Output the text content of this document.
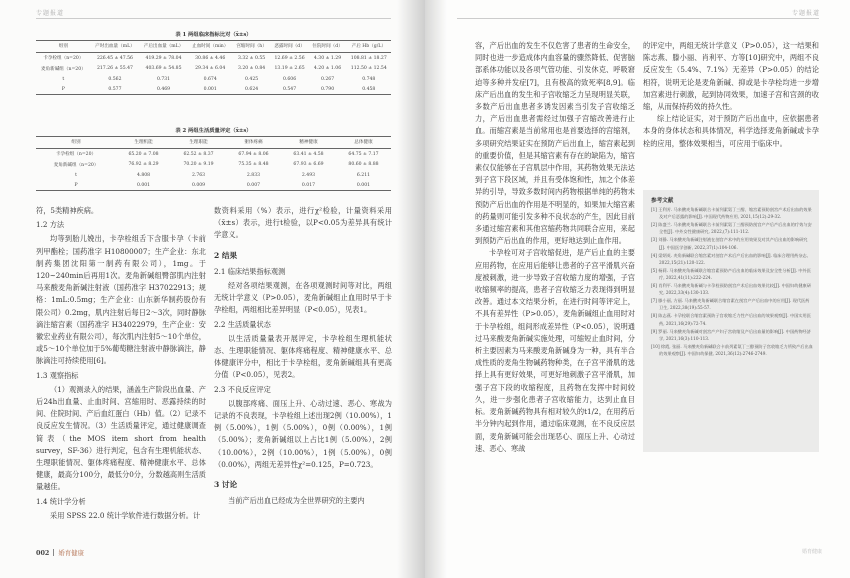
专题报道
表 1 两组临床指标比对（x̄±s）
组别	产时出血量（mL）	产后出血量（mL）	止血时间（min）	宫缩时间（h）	恶露时间（d）	住院时间（d）	产后 Hb（g/L）
卡孕栓组（n=20）	226.45 ± 47.56	419.29 ± 78.04	30.86 ± 4.46	3.32 ± 0.55	12.69 ± 2.56	4.30 ± 1.29	108.81 ± 18.27
麦角新碱组（n=20）	217.26 ± 55.47	403.69 ± 54.85	29.34 ± 6.04	3.20 ± 0.84	13.19 ± 2.65	4.20 ± 1.06	112.50 ± 12.54
t	0.562	0.731	0.674	0.425	0.606	0.267	0.748
P	0.577	0.469	0.001	0.624	0.547	0.790	0.458
表 2 两组生活质量评定（x̄±s）
组别	生理机能	生理职能	躯体疼痛	精神健康	总体健康
卡孕栓组（n=20）	65.20 ± 7.08	62.52 ± 8.37	67.94 ± 8.06	63.41 ± 4.58	64.75 ± 7.17
麦角新碱组（n=20）	76.92 ± 8.29	70.20 ± 9.19	75.35 ± 8.48	67.93 ± 6.69	80.60 ± 8.88
t	4.808	2.763	2.833	2.493	6.211
P	0.001	0.009	0.007	0.017	0.001

符，5类精神疾病。

1.2 方法

均等到胎儿娩出，卡孕栓组舌下含服卡孕（卡前列甲酯栓；国药准字 H10800007；生产企业：东北制药集团沈阳第一制药有限公司），1mg。于120~240min后再用1次。麦角新碱组臀部肌内注射马来酸麦角新碱注射液（国药准字 H37022913；规格：1mL:0.5mg；生产企业：山东新华制药股份有限公司）0.2mg，肌内注射后每日2～3次，同时静脉滴注缩宫素（国药准字 H34022979，生产企业：安徽宏业药业有限公司），每次肌内注射5～10个单位，或5～10个单位加于5%葡萄糖注射液中静脉滴注，静脉滴注可持续使用[6]。

1.3 观察指标

（1）观测录入的结果，涵盖生产阶段出血量、产后24h出血量、止血时间、宫缩用时、恶露持续的时间、住院时间、产后血红蛋白（Hb）值。（2）记录不良反应发生情况。（3）生活质量评定，通过健康调查简表（the MOS item short from health survey，SF-36）进行判定，包含有生理机能状态、生理职能情况、躯体疼痛程度、精神健康水平、总体健康，最高分100分，最低分0分，分数越高则生活质量越佳。

1.4 统计学分析

采用 SPSS 22.0 统计学软件进行数据分析。计

数资料采用（%）表示，进行χ²检验，计量资料采用（x̄±s）表示，进行t检验，以P<0.05为差异具有统计学意义。

2 结果

2.1 临床结果指标观测

经对各项结果观测，在各项观测时间等对比，两组无统计学意义（P>0.05），麦角新碱组止血用时早于卡孕栓组，两组相比差异明显（P<0.05），见表1。

2.2 生活质量状态

以生活质量量表开展评定，卡孕栓组生理机能状态、生理职能情况、躯体疼痛程度、精神健康水平、总体健康评分中，相比于卡孕栓组，麦角新碱组具有更高分值（P<0.05），见表2。

2.3 不良反应评定

以腹部疼痛、面压上升、心动过速、恶心、寒战为记录的不良表现，卡孕栓组上述出现2例（10.00%），1例（5.00%），1例（5.00%），0例（0.00%），1例（5.00%）；麦角新碱组以上占比1例（5.00%），2例（10.00%），2例（10.00%），1例（5.00%），0例（0.00%），两组无差异性χ²=0.125，P=0.723。

3 讨论

当前产后出血已经成为全世界研究的主要内

002 婚育健康
专题报道

容，产后出血的发生不仅危害了患者的生命安全，同时也进一步造成体内血容量的骤然降低、促害脑部系体功能以及各项气管功能、引发休克、呼吸窘迫等多种并发症[7]，且有极高的致死率[8,9]。临床产后出血的发生和子宫收缩乏力呈现明显关联，多数产后出血患者多诱发因素当引发子宫收缩乏力，产后出血患者需经过加强子宫缩改善进行止血。而缩宫素是当前常用也是首要选择的宫缩剂，多项研究结果证实在预防产后出血上，缩宫素起到的重要价值，但是其缩宫素有存在的缺陷为，缩宫素仅仅能够在子宫肌层中作用，其药物效果无法达到子宫下段区域，并且有受体饱和性，加之个体差异的引导，导致多数时间内药物根据单纯的药物未预防产后出血的作用是不明显的，如果加大缩宫素的药量则可能引发多种不良状态的产生，因此目前多通过缩宫素和其他宫缩药物共同联合应用，来起到预防产后出血的作用，更好地达到止血作用。

卡孕栓可对子宫收缩促进，是产后止血的主要应用药物，在应用后能够让患者的子宫平滑肌兴奋度被刺激，进一步导致子宫收缩力度的增强，子宫收缩频率的提高，患者子宫收缩乏力表现得到明显改善。通过本文结果分析，在进行时间等评定上，不具有差异性（P>0.05），麦角新碱组止血用时对于卡孕栓组，组间形成差异性（P<0.05），说明通过马来酸麦角新碱实施处理，可缩短止血时间，分析主要因素为马来酸麦角新碱身为一种，具有半合成性质的麦角生物碱药物种类，在子宫平滑肌的选择上具有更好效果，可更好地刺激子宫平滑肌，加强子宫下段的收缩程度，且药物在发挥中时间较久，进一步强化患者子宫收缩能力，达到止血目标。麦角新碱药物具有相对较久的t1/2，在用药后半分钟内起到作用，通过临床观测，在不良反应层面，麦角新碱可能会出现恶心、面压上升、心动过速、恶心、寒战

的评定中，两组无统计学意义（P>0.05），这一结果和陈志燕、滕小丽、肖利平、方等[10]研究中，两组不良反应发生（5.4%、7.1%）无差异（P>0.05）的结论相符，说明无论是麦角新碱、抑或是卡孕栓均进一步增加宫素进行刺激，起到协同效果，加速子宫和宫颈的收缩，从而保持药效的持久性。

综上结论证实，对于预防产后出血中，应依据患者本身的身体状态和具体情况，科学选择麦角新碱或卡孕栓的应用，整体效果相当，可应用于临床中。

参考文献
[1] 王利芳. 马来酸麦角新碱联合卡前列素氨丁三醇、缩宫素预防剖宫产术后出血的效果及对产后恶露的影响[J]. 中国现代药物应用, 2021,15(12):29-32.
[2] 陈盛兰. 马来酸麦角新碱联合卡前列素氨丁三醇预防剖宫产产后产后出血的疗效与安全性[J]. 中外女性健康研究, 2022,(7):111-112.
[3] 刘静. 马来酸麦角新碱注射液在剖宫产术中的应用效果及对其产后出血的影响研究[J]. 中国医学创新, 2022,37(1):104-106.
[4] 梁炳英. 麦角新碱联合缩宫素对剖宫产术后产后出血的影响[J]. 临床合理用药杂志, 2022,15(21):120-122.
[5] 杨莉. 马来酸麦角新碱联合缩宫素预防产后出血的临床效果及安全性分析[J]. 中外医疗, 2022,41(11):222-224.
[6] 肖利平. 马来酸麦角新碱与卡孕栓预防剖宫产术后出血效果比较[J]. 中国妇幼健康研究, 2022,33(4):130-133.
[7] 滕小丽, 方丽. 马来酸麦角新碱联合缩宫素在剖宫产产后出血中的应用[J]. 现代医药卫生, 2022,38(19):55-57.
[8] 陈志燕. 卡孕栓联合缩宫素预防子宫收缩乏力性产后出血的效果观察[J]. 中国实用医药, 2021,16(29):72-74.
[9] 罗丽. 马来酸麦角新碱对剖宫产产妇子宫收缩及产后出血量的影响[J]. 中国药物经济学, 2021,16(3):110-113.
[10] 徐霞, 张丽. 马来酸麦角新碱联合卡前列素氨丁三醇预防子宫收缩乏力所致产后出血的效果观察[J]. 中国妇幼保健, 2021,36(12):2746-2749.
婚育健康
